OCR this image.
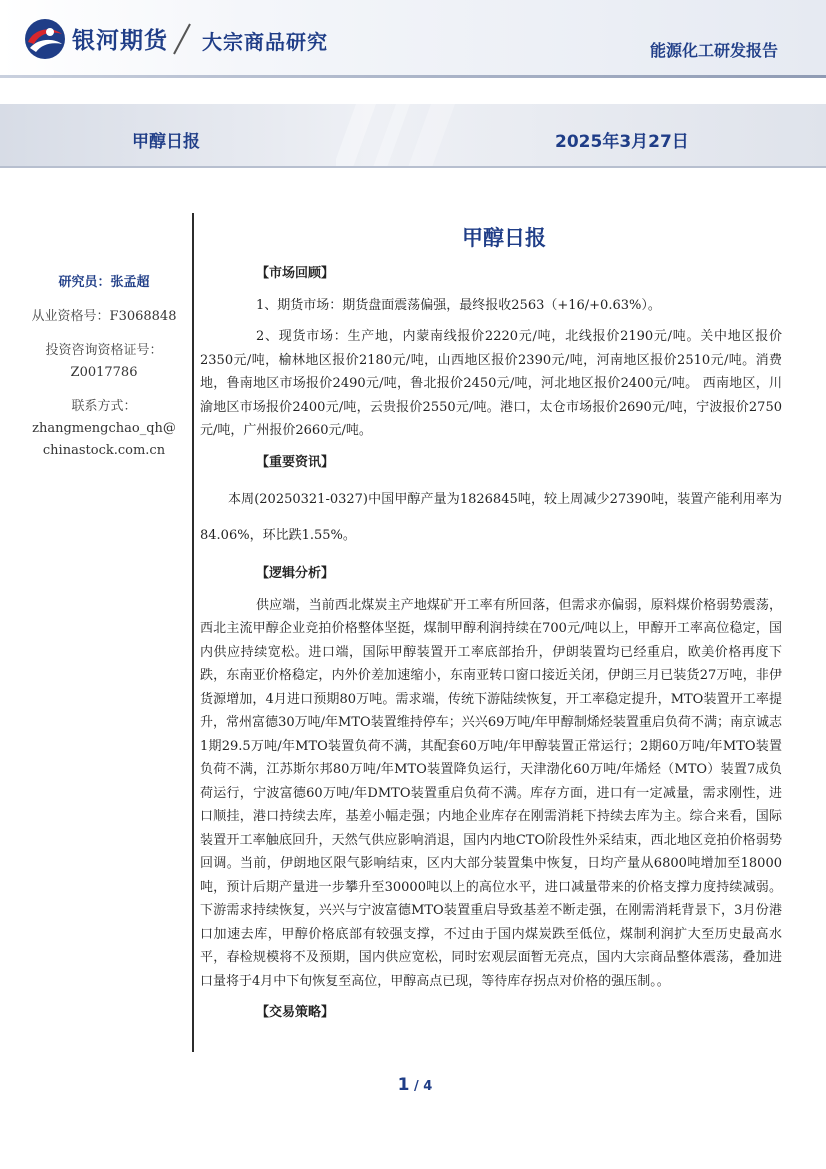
银河期货 大宗商品研究	能源化工研发报告
甲醇日报	2025年3月27日
甲醇日报
研究员：张孟超
从业资格号：F3068848
投资咨询资格证号：
Z0017786
联系方式：
zhangmengchao_qh@
chinastock.com.cn
【市场回顾】

1、期货市场：期货盘面震荡偏强，最终报收2563（+16/+0.63%）。

2、现货市场：生产地，内蒙南线报价2220元/吨，北线报价2190元/吨。关中地区报价2350元/吨，榆林地区报价2180元/吨，山西地区报价2390元/吨，河南地区报价2510元/吨。消费地，鲁南地区市场报价2490元/吨，鲁北报价2450元/吨，河北地区报价2400元/吨。 西南地区，川渝地区市场报价2400元/吨，云贵报价2550元/吨。港口，太仓市场报价2690元/吨，宁波报价2750元/吨，广州报价2660元/吨。

【重要资讯】

本周(20250321-0327)中国甲醇产量为1826845吨，较上周减少27390吨，装置产能利用率为84.06%，环比跌1.55%。

【逻辑分析】

供应端，当前西北煤炭主产地煤矿开工率有所回落，但需求亦偏弱，原料煤价格弱势震荡，西北主流甲醇企业竞拍价格整体坚挺，煤制甲醇利润持续在700元/吨以上，甲醇开工率高位稳定，国内供应持续宽松。进口端，国际甲醇装置开工率底部抬升，伊朗装置均已经重启，欧美价格再度下跌，东南亚价格稳定，内外价差加速缩小，东南亚转口窗口接近关闭，伊朗三月已装货27万吨，非伊货源增加，4月进口预期80万吨。需求端，传统下游陆续恢复，开工率稳定提升，MTO装置开工率提升，常州富德30万吨/年MTO装置维持停车；兴兴69万吨/年甲醇制烯烃装置重启负荷不满；南京诚志1期29.5万吨/年MTO装置负荷不满，其配套60万吨/年甲醇装置正常运行；2期60万吨/年MTO装置负荷不满，江苏斯尔邦80万吨/年MTO装置降负运行，天津渤化60万吨/年烯烃（MTO）装置7成负荷运行，宁波富德60万吨/年DMTO装置重启负荷不满。库存方面，进口有一定减量，需求刚性，进口顺挂，港口持续去库，基差小幅走强；内地企业库存在刚需消耗下持续去库为主。综合来看，国际装置开工率触底回升，天然气供应影响消退，国内内地CTO阶段性外采结束，西北地区竞拍价格弱势回调。当前，伊朗地区限气影响结束，区内大部分装置集中恢复，日均产量从6800吨增加至18000吨，预计后期产量进一步攀升至30000吨以上的高位水平，进口减量带来的价格支撑力度持续减弱。下游需求持续恢复，兴兴与宁波富德MTO装置重启导致基差不断走强，在刚需消耗背景下，3月份港口加速去库，甲醇价格底部有较强支撑，不过由于国内煤炭跌至低位，煤制利润扩大至历史最高水平，春检规模将不及预期，国内供应宽松，同时宏观层面暂无亮点，国内大宗商品整体震荡，叠加进口量将于4月中下旬恢复至高位，甲醇高点已现，等待库存拐点对价格的强压制。。

【交易策略】
1 / 4
